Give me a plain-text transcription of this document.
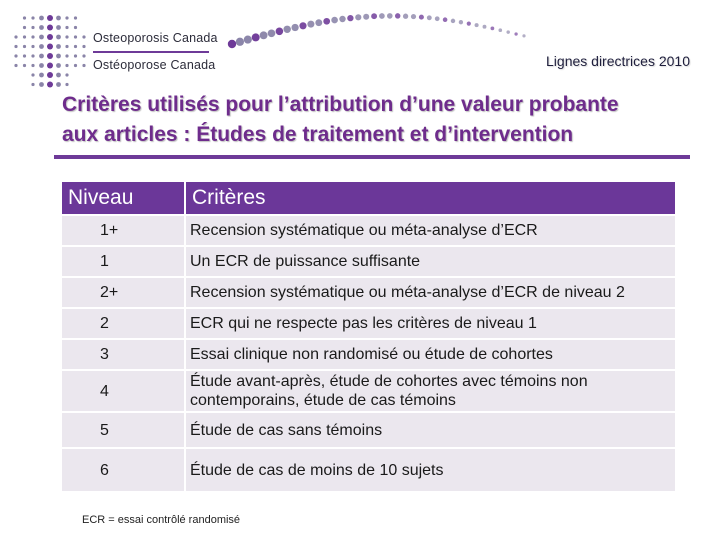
Osteoporosis Canada
Ostéoporose Canada	Lignes directrices 2010
Critères utilisés pour l’attribution d’une valeur probante
aux articles : Études de traitement et d’intervention
Niveau	Critères
1+	Recension systématique ou méta-analyse d’ECR
1	Un ECR de puissance suffisante
2+	Recension systématique ou méta-analyse d’ECR de niveau 2
2	ECR qui ne respecte pas les critères de niveau 1
3	Essai clinique non randomisé ou étude de cohortes
4	Étude avant-après, étude de cohortes avec témoins non contemporains, étude de cas témoins
5	Étude de cas sans témoins
6	Étude de cas de moins de 10 sujets
ECR = essai contrôlé randomisé
